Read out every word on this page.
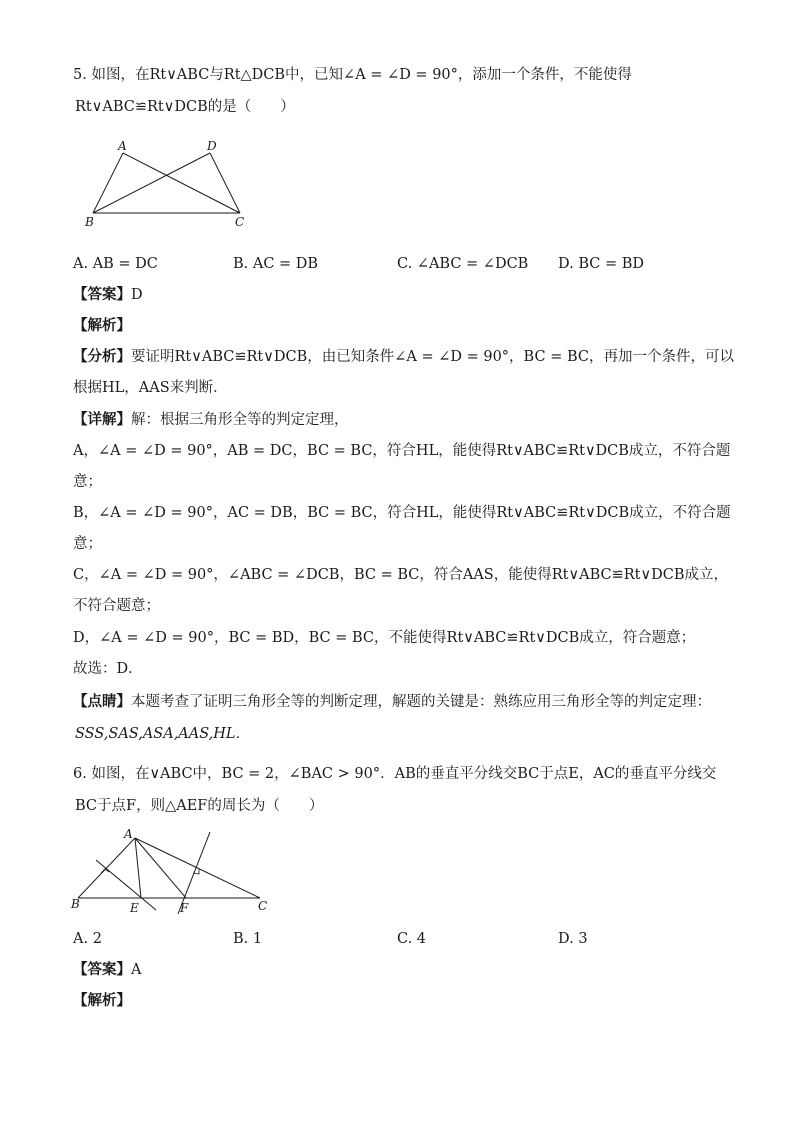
5. 如图，在Rt∨ABC与Rt△DCB中，已知∠A = ∠D = 90°，添加一个条件，不能使得
Rt∨ABC≌Rt∨DCB的是（　　）
A	D
B	C
A. AB = DC	B. AC = DB	C. ∠ABC = ∠DCB D. BC = BD
【答案】D
【解析】
【分析】要证明Rt∨ABC≌Rt∨DCB，由已知条件∠A = ∠D = 90°，BC = BC，再加一个条件，可以
根据HL，AAS来判断．
【详解】解：根据三角形全等的判定定理，
A，∠A = ∠D = 90°，AB = DC，BC = BC，符合HL，能使得Rt∨ABC≌Rt∨DCB成立，不符合题
意；
B，∠A = ∠D = 90°，AC = DB，BC = BC，符合HL，能使得Rt∨ABC≌Rt∨DCB成立，不符合题
意；
C，∠A = ∠D = 90°，∠ABC = ∠DCB，BC = BC，符合AAS，能使得Rt∨ABC≌Rt∨DCB成立，
不符合题意；
D，∠A = ∠D = 90°，BC = BD，BC = BC，不能使得Rt∨ABC≌Rt∨DCB成立，符合题意；
故选：D．
【点睛】本题考查了证明三角形全等的判断定理，解题的关键是：熟练应用三角形全等的判定定理：
SSS,SAS,ASA,AAS,HL．
6. 如图，在∨ABC中，BC = 2，∠BAC > 90°．AB的垂直平分线交BC于点E，AC的垂直平分线交
BC于点F，则△AEF的周长为（　　）
A
B	E	F	C
A. 2	B. 1	C. 4	D. 3
【答案】A
【解析】
